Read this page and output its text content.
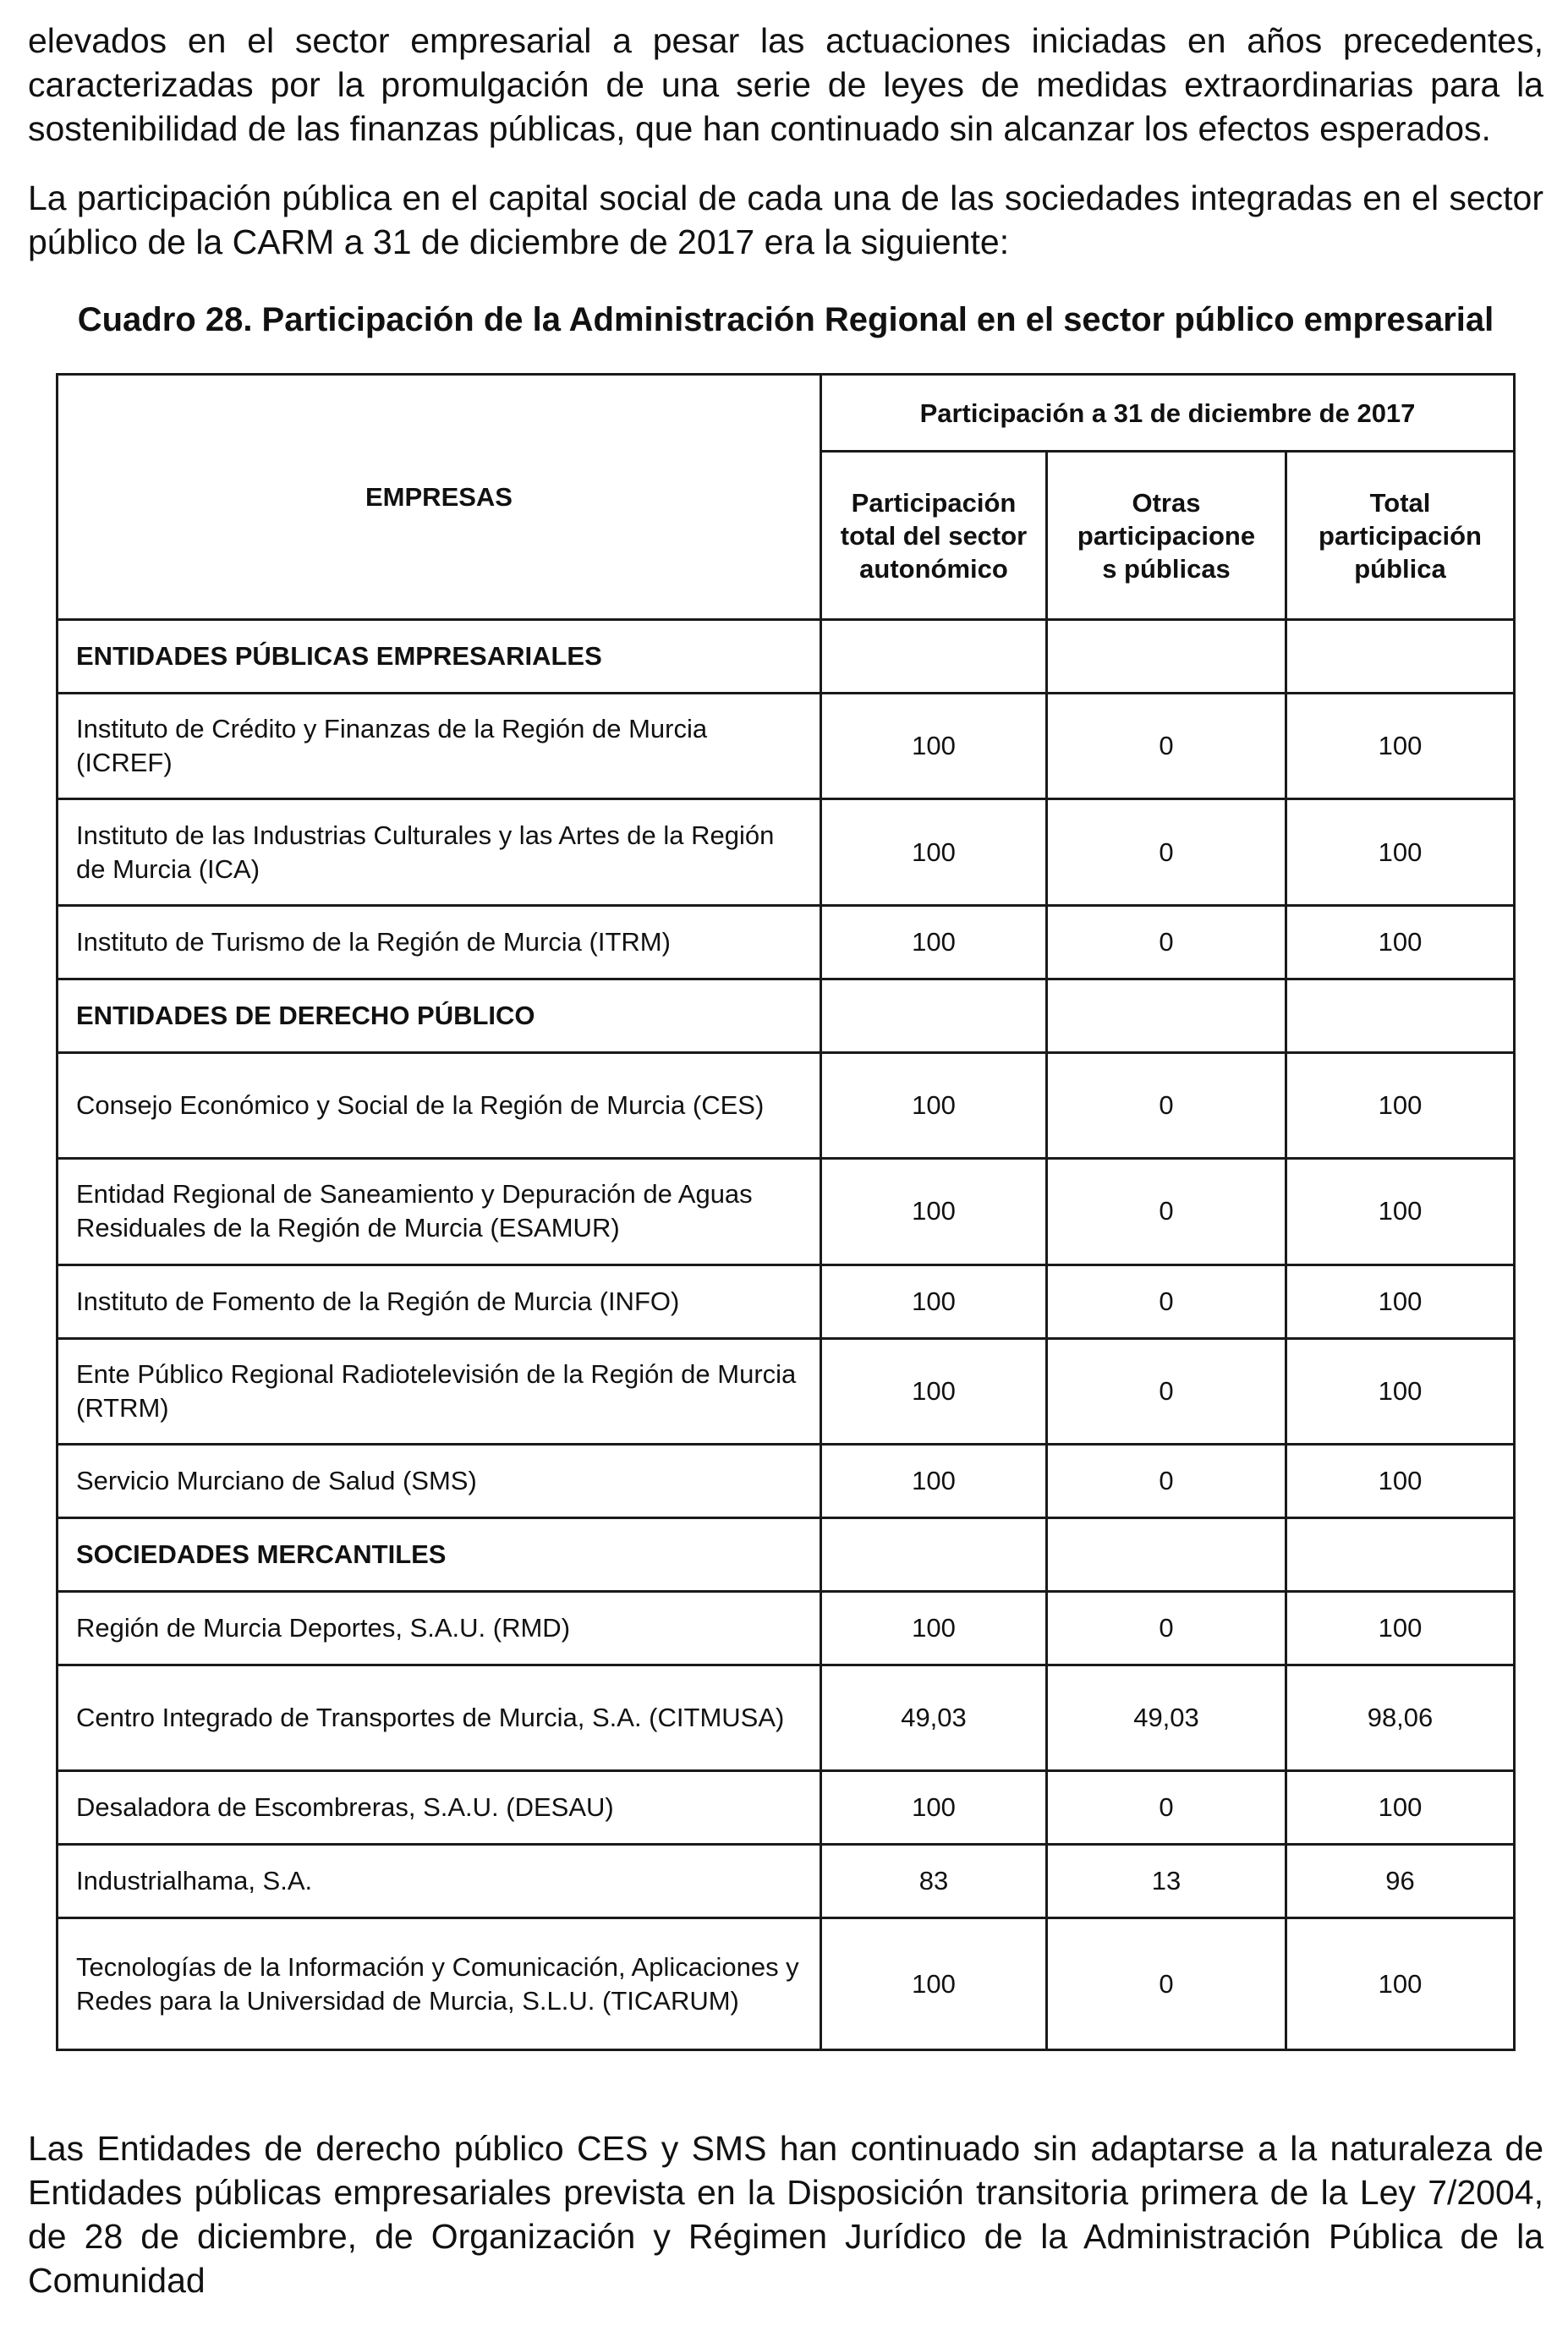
elevados en el sector empresarial a pesar las actuaciones iniciadas en años precedentes, caracterizadas por la promulgación de una serie de leyes de medidas extraordinarias para la sostenibilidad de las finanzas públicas, que han continuado sin alcanzar los efectos esperados.

La participación pública en el capital social de cada una de las sociedades integradas en el sector público de la CARM a 31 de diciembre de 2017 era la siguiente:

Cuadro 28. Participación de la Administración Regional en el sector público empresarial

EMPRESAS	Participación a 31 de diciembre de 2017		
	Participación total del sector autonómico	Otras participacione s públicas	Total participación pública
ENTIDADES PÚBLICAS EMPRESARIALES			
Instituto de Crédito y Finanzas de la Región de Murcia (ICREF)	100	0	100
Instituto de las Industrias Culturales y las Artes de la Región de Murcia (ICA)	100	0	100
Instituto de Turismo de la Región de Murcia (ITRM)	100	0	100
ENTIDADES DE DERECHO PÚBLICO			
Consejo Económico y Social de la Región de Murcia (CES)	100	0	100
Entidad Regional de Saneamiento y Depuración de Aguas Residuales de la Región de Murcia (ESAMUR)	100	0	100
Instituto de Fomento de la Región de Murcia (INFO)	100	0	100
Ente Público Regional Radiotelevisión de la Región de Murcia (RTRM)	100	0	100
Servicio Murciano de Salud (SMS)	100	0	100
SOCIEDADES MERCANTILES			
Región de Murcia Deportes, S.A.U. (RMD)	100	0	100
Centro Integrado de Transportes de Murcia, S.A. (CITMUSA)	49,03	49,03	98,06
Desaladora de Escombreras, S.A.U. (DESAU)	100	0	100
Industrialhama, S.A.	83	13	96
Tecnologías de la Información y Comunicación, Aplicaciones y Redes para la Universidad de Murcia, S.L.U. (TICARUM)	100	0	100

Las Entidades de derecho público CES y SMS han continuado sin adaptarse a la naturaleza de Entidades públicas empresariales prevista en la Disposición transitoria primera de la Ley 7/2004, de 28 de diciembre, de Organización y Régimen Jurídico de la Administración Pública de la Comunidad
